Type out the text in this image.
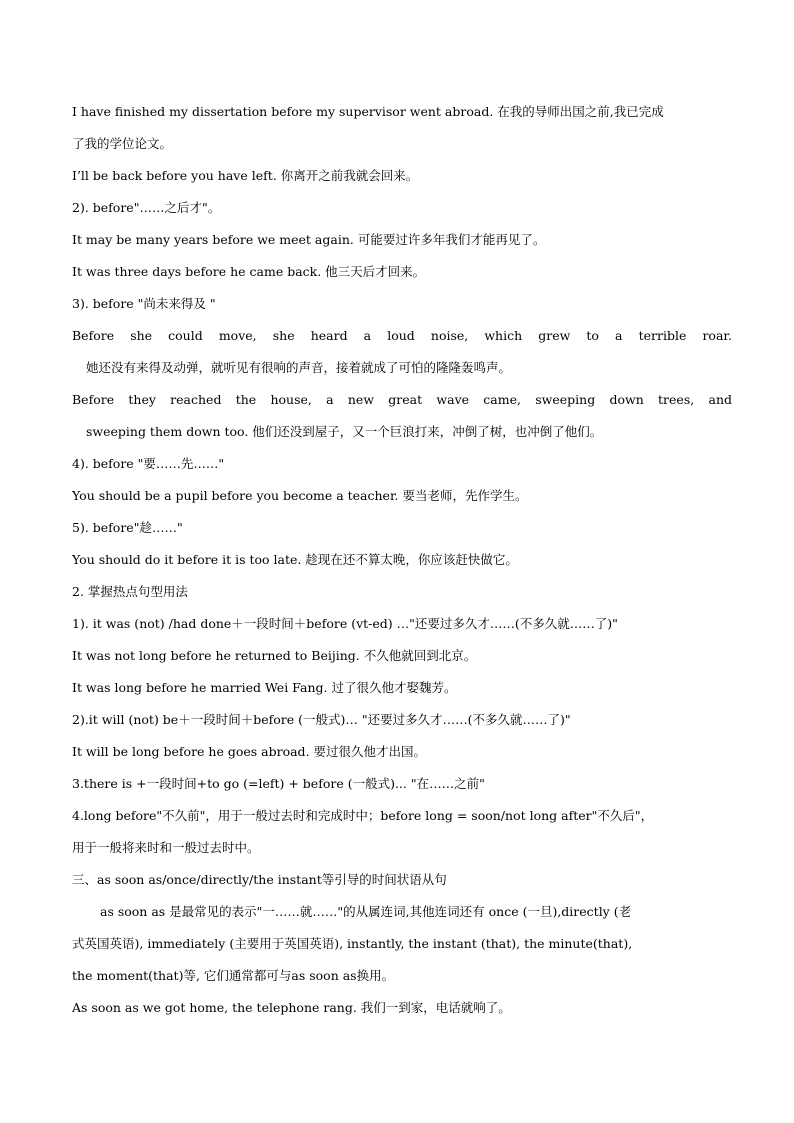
I have finished my dissertation before my supervisor went abroad. 在我的导师出国之前,我已完成
了我的学位论文。
I’ll be back before you have left. 你离开之前我就会回来。
2). before"……之后才"。
It may be many years before we meet again. 可能要过许多年我们才能再见了。
It was three days before he came back. 他三天后才回来。
3). before "尚未来得及 "
Before she could move, she heard a loud noise, which grew to a terrible roar.
她还没有来得及动弹，就听见有很响的声音，接着就成了可怕的隆隆轰鸣声。
Before they reached the house, a new great wave came, sweeping down trees, and
sweeping them down too. 他们还没到屋子，又一个巨浪打来，冲倒了树，也冲倒了他们。
4). before "要……先……"
You should be a pupil before you become a teacher. 要当老师，先作学生。
5). before"趁……"
You should do it before it is too late. 趁现在还不算太晚，你应该赶快做它。
2. 掌握热点句型用法
1). it was (not) /had done＋一段时间＋before (vt-ed) …"还要过多久才……(不多久就……了)"
It was not long before he returned to Beijing. 不久他就回到北京。
It was long before he married Wei Fang. 过了很久他才娶魏芳。
2).it will (not) be＋一段时间＋before (一般式)… "还要过多久才……(不多久就……了)"
It will be long before he goes abroad. 要过很久他才出国。
3.there is +一段时间+to go (=left) + before (一般式)... "在……之前"
4.long before"不久前"，用于一般过去时和完成时中；before long = soon/not long after"不久后"，
用于一般将来时和一般过去时中。
三、as soon as/once/directly/the instant等引导的时间状语从句
as soon as 是最常见的表示"一……就……"的从属连词,其他连词还有 once (一旦),directly (老
式英国英语), immediately (主要用于英国英语), instantly, the instant (that), the minute(that),
the moment(that)等, 它们通常都可与as soon as换用。
As soon as we got home, the telephone rang. 我们一到家，电话就响了。
